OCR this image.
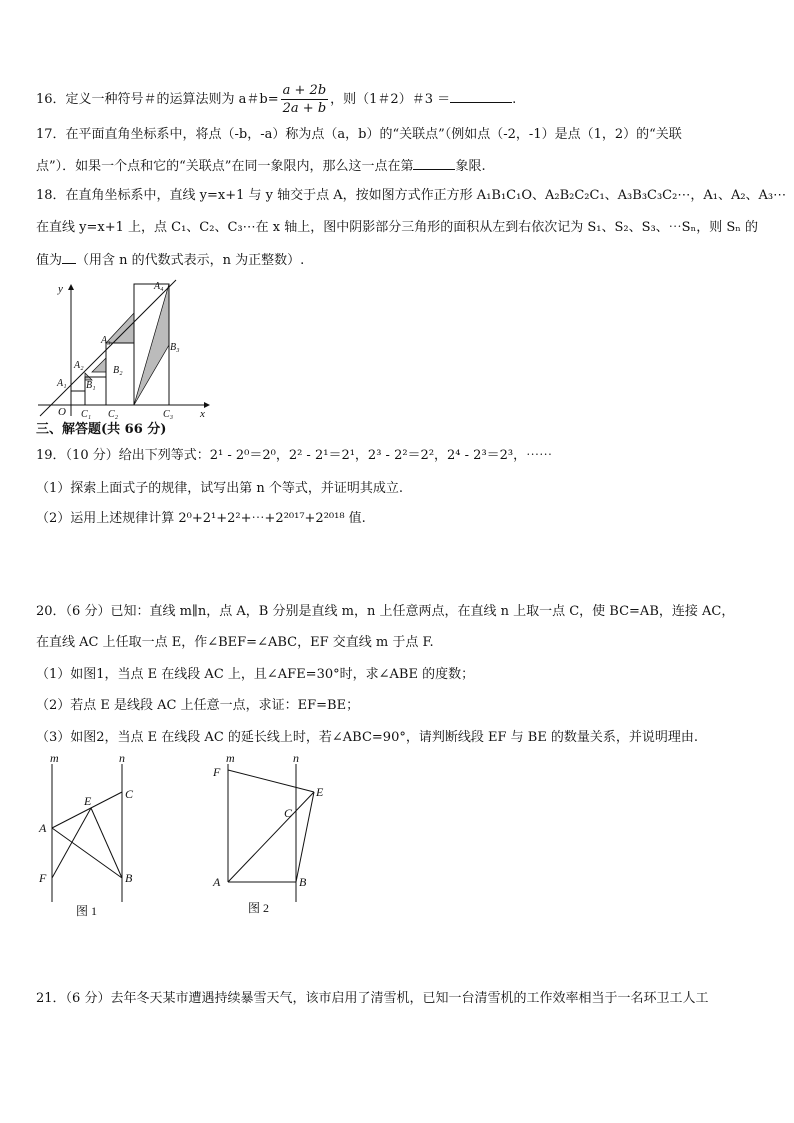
16．定义一种符号＃的运算法则为 a＃$b= \frac{a + 2b}{2a + b}$ ，则（1＃2）＃3 ＝	.
17．在平面直角坐标系中，将点（-b，-a）称为点（a，b）的“关联点”（例如点（-2，-1）是点（1，2）的“关联
点”）．如果一个点和它的“关联点”在同一象限内，那么这一点在第	象限.
18．在直角坐标系中，直线 y=x+1 与 y 轴交于点 A，按如图方式作正方形 A₁B₁C₁O、A₂B₂C₂C₁、A₃B₃C₃C₂⋯，A₁、A₂、A₃⋯
在直线 y=x+1 上，点 C₁、C₂、C₃⋯在 x 轴上，图中阴影部分三角形的面积从左到右依次记为 S₁、S₂、S₃、⋯Sₙ，则 Sₙ 的
值为 （用含 n 的代数式表示，n 为正整数）.
y
x
O
A₁
A₂
A₃
A₄
B₁
B₂
B₃
C₁ C₂	C₃
三、解答题(共 66 分)
19．（10 分）给出下列等式：2¹ - 2⁰＝2⁰，2² - 2¹＝2¹，2³ - 2²＝2²，2⁴ - 2³＝2³，⋯⋯
（1）探索上面式子的规律，试写出第 n 个等式，并证明其成立.
（2）运用上述规律计算 2⁰+2¹+2²+⋯+2²⁰¹⁷+2²⁰¹⁸ 值.
20．（6 分）已知：直线 m∥n，点 A，B 分别是直线 m，n 上任意两点，在直线 n 上取一点 C，使 BC=AB，连接 AC，
在直线 AC 上任取一点 E，作∠BEF=∠ABC，EF 交直线 m 于点 F.
（1）如图1，当点 E 在线段 AC 上，且∠AFE=30°时，求∠ABE 的度数；
（2）若点 E 是线段 AC 上任意一点，求证：EF=BE；
（3）如图2，当点 E 在线段 AC 的延长线上时，若∠ABC=90°，请判断线段 EF 与 BE 的数量关系，并说明理由.
m	n
A
B
C
E
F
图 1
m	n
A	B
C
E
F
图 2
21．（6 分）去年冬天某市遭遇持续暴雪天气，该市启用了清雪机，已知一台清雪机的工作效率相当于一名环卫工人工
